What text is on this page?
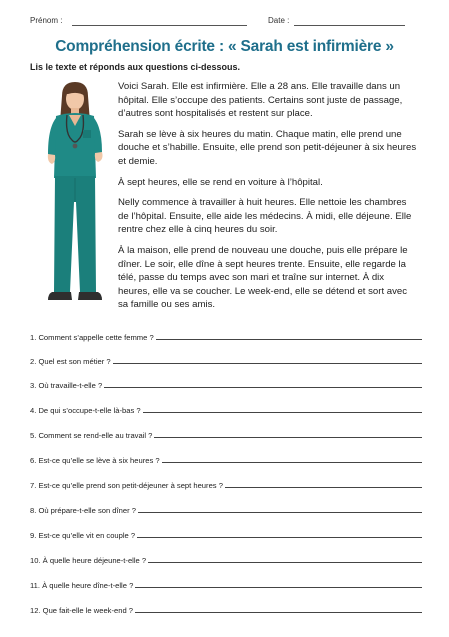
Prénom :	Date :
Compréhension écrite : « Sarah est infirmière »
Lis le texte et réponds aux questions ci-dessous.

Voici Sarah. Elle est infirmière. Elle a 28 ans. Elle travaille dans un hôpital. Elle s’occupe des patients. Certains sont juste de passage, d’autres sont hospitalisés et restent sur place.

Sarah se lève à six heures du matin. Chaque matin, elle prend une douche et s’habille. Ensuite, elle prend son petit-déjeuner à six heures et demie.

À sept heures, elle se rend en voiture à l’hôpital.

Nelly commence à travailler à huit heures. Elle nettoie les chambres de l’hôpital. Ensuite, elle aide les médecins. À midi, elle déjeune. Elle rentre chez elle à cinq heures du soir.

À la maison, elle prend de nouveau une douche, puis elle prépare le dîner. Le soir, elle dîne à sept heures trente. Ensuite, elle regarde la télé, passe du temps avec son mari et traîne sur internet. À dix heures, elle va se coucher. Le week-end, elle se détend et sort avec sa famille ou ses amis.

1. Comment s’appelle cette femme ?
2. Quel est son métier ?
3. Où travaille-t-elle ?
4. De qui s’occupe-t-elle là-bas ?
5. Comment se rend-elle au travail ?
6. Est-ce qu’elle se lève à six heures ?
7. Est-ce qu’elle prend son petit-déjeuner à sept heures ?
8. Où prépare-t-elle son dîner ?
9. Est-ce qu’elle vit en couple ?
10. À quelle heure déjeune-t-elle ?
11. À quelle heure dîne-t-elle ?
12. Que fait-elle le week-end ?
